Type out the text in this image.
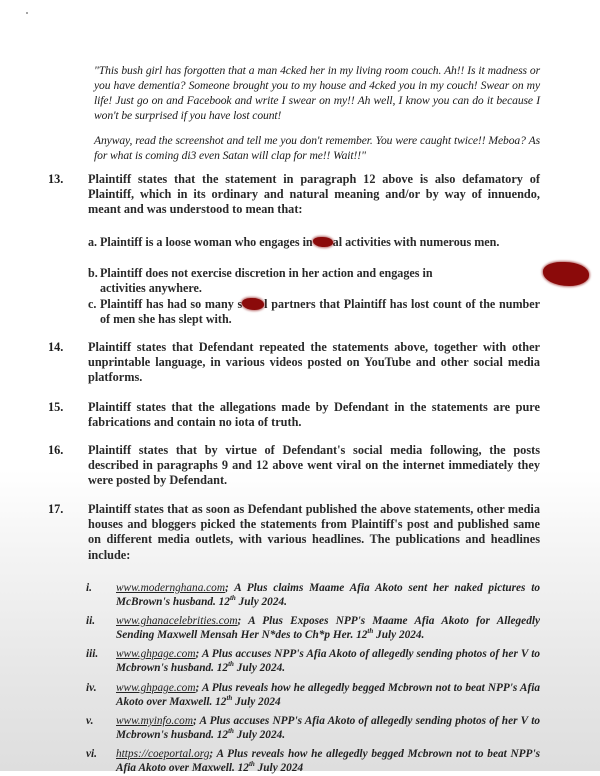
"This bush girl has forgotten that a man 4cked her in my living room couch. Ah!! Is it madness or you have dementia? Someone brought you to my house and 4cked you in my couch! Swear on my life! Just go on and Facebook and write I swear on my!! Ah well, I know you can do it because I won't be surprised if you have lost count!

Anyway, read the screenshot and tell me you don't remember. You were caught twice!! Meboa? As for what is coming di3 even Satan will clap for me!! Wait!!"

13.	Plaintiff states that the statement in paragraph 12 above is also defamatory of Plaintiff, which in its ordinary and natural meaning and/or by way of innuendo, meant and was understood to mean that:
a. Plaintiff is a loose woman who engages in al activities with numerous men.
b. Plaintiff does not exercise discretion in her action and engages in

activities anywhere.
c. Plaintiff has had so many s l partners that Plaintiff has lost count of the number of men she has slept with.
14.	Plaintiff states that Defendant repeated the statements above, together with other unprintable language, in various videos posted on YouTube and other social media platforms.
15.	Plaintiff states that the allegations made by Defendant in the statements are pure fabrications and contain no iota of truth.
16.	Plaintiff states that by virtue of Defendant's social media following, the posts described in paragraphs 9 and 12 above went viral on the internet immediately they were posted by Defendant.
17.	Plaintiff states that as soon as Defendant published the above statements, other media houses and bloggers picked the statements from Plaintiff's post and published same on different media outlets, with various headlines. The publications and headlines include:
i. www.modernghana.com; A Plus claims Maame Afia Akoto sent her naked pictures to McBrown's husband. 12th July 2024.
ii. www.ghanacelebrities.com; A Plus Exposes NPP's Maame Afia Akoto for Allegedly Sending Maxwell Mensah Her N*des to Ch*p Her. 12th July 2024.
iii. www.ghpage.com; A Plus accuses NPP's Afia Akoto of allegedly sending photos of her V to Mcbrown's husband. 12th July 2024.
iv. www.ghpage.com; A Plus reveals how he allegedly begged Mcbrown not to beat NPP's Afia Akoto over Maxwell. 12th July 2024
v. www.myinfo.com; A Plus accuses NPP's Afia Akoto of allegedly sending photos of her V to Mcbrown's husband. 12th July 2024.
vi. https://coeportal.org; A Plus reveals how he allegedly begged Mcbrown not to beat NPP's Afia Akoto over Maxwell. 12th July 2024
